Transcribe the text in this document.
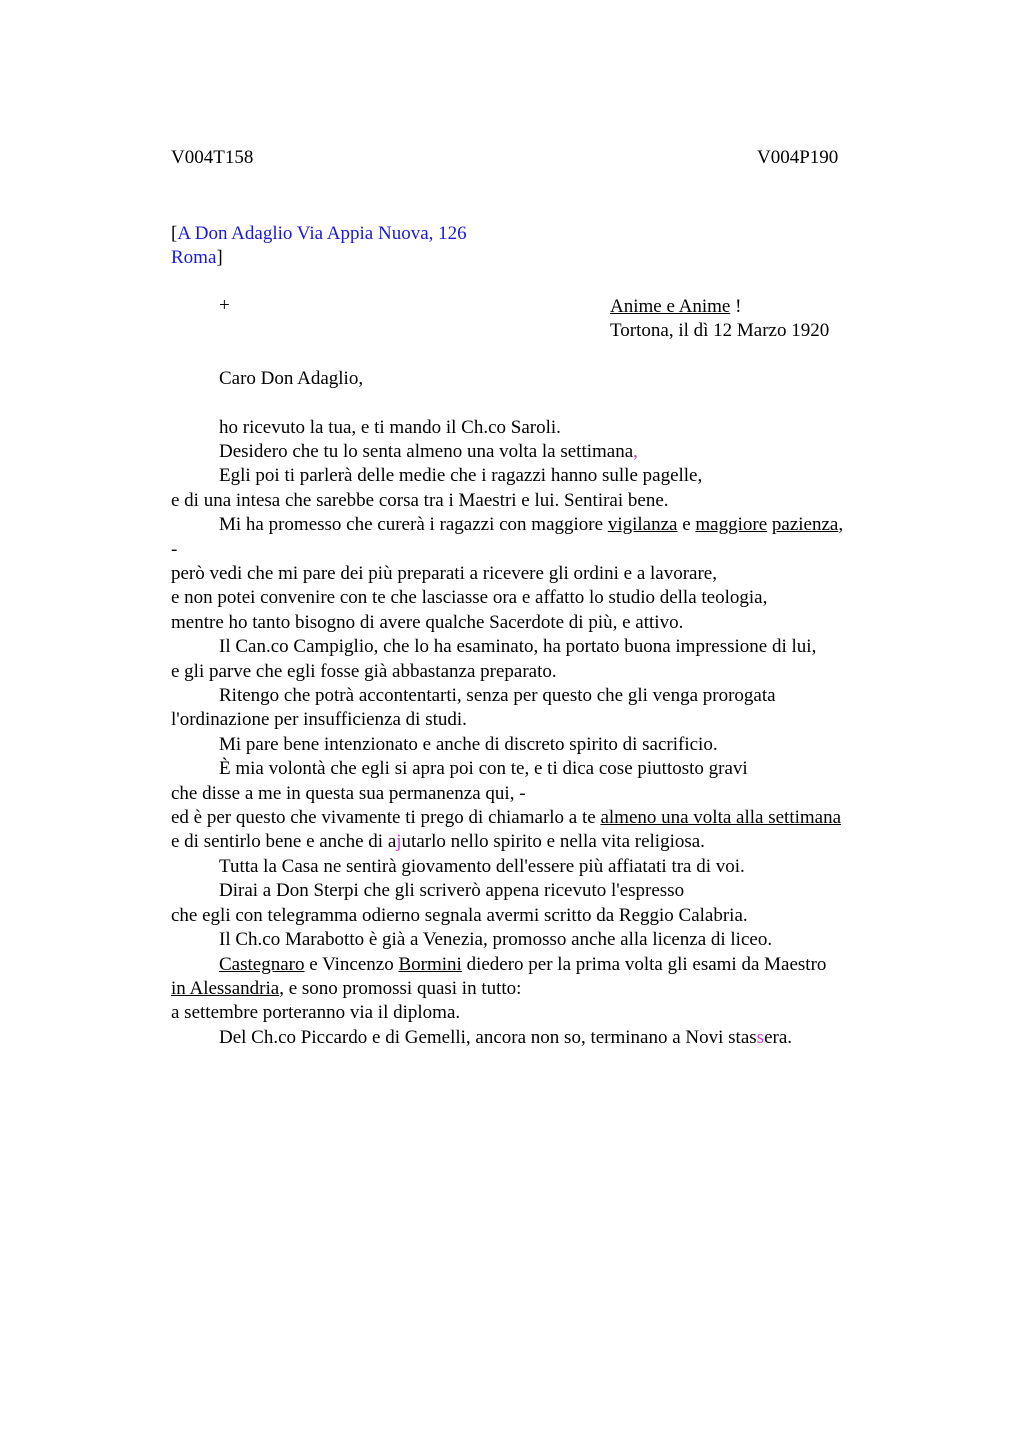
V004T158	V004P190
[A Don Adaglio Via Appia Nuova, 126
Roma]
+	Anime e Anime !
Tortona, il dì 12 Marzo 1920
Caro Don Adaglio,
ho ricevuto la tua, e ti mando il Ch.co Saroli.
Desidero che tu lo senta almeno una volta la settimana,
Egli poi ti parlerà delle medie che i ragazzi hanno sulle pagelle,
e di una intesa che sarebbe corsa tra i Maestri e lui. Sentirai bene.
Mi ha promesso che curerà i ragazzi con maggiore vigilanza e maggiore pazienza,
-
però vedi che mi pare dei più preparati a ricevere gli ordini e a lavorare,
e non potei convenire con te che lasciasse ora e affatto lo studio della teologia,
mentre ho tanto bisogno di avere qualche Sacerdote di più, e attivo.
Il Can.co Campiglio, che lo ha esaminato, ha portato buona impressione di lui,
e gli parve che egli fosse già abbastanza preparato.
Ritengo che potrà accontentarti, senza per questo che gli venga prorogata
l'ordinazione per insufficienza di studi.
Mi pare bene intenzionato e anche di discreto spirito di sacrificio.
È mia volontà che egli si apra poi con te, e ti dica cose piuttosto gravi
che disse a me in questa sua permanenza qui, -
ed è per questo che vivamente ti prego di chiamarlo a te almeno una volta alla settimana
e di sentirlo bene e anche di ajutarlo nello spirito e nella vita religiosa.
Tutta la Casa ne sentirà giovamento dell'essere più affiatati tra di voi.
Dirai a Don Sterpi che gli scriverò appena ricevuto l'espresso
che egli con telegramma odierno segnala avermi scritto da Reggio Calabria.
Il Ch.co Marabotto è già a Venezia, promosso anche alla licenza di liceo.
Castegnaro e Vincenzo Bormini diedero per la prima volta gli esami da Maestro
in Alessandria, e sono promossi quasi in tutto:
a settembre porteranno via il diploma.
Del Ch.co Piccardo e di Gemelli, ancora non so, terminano a Novi stassera.
